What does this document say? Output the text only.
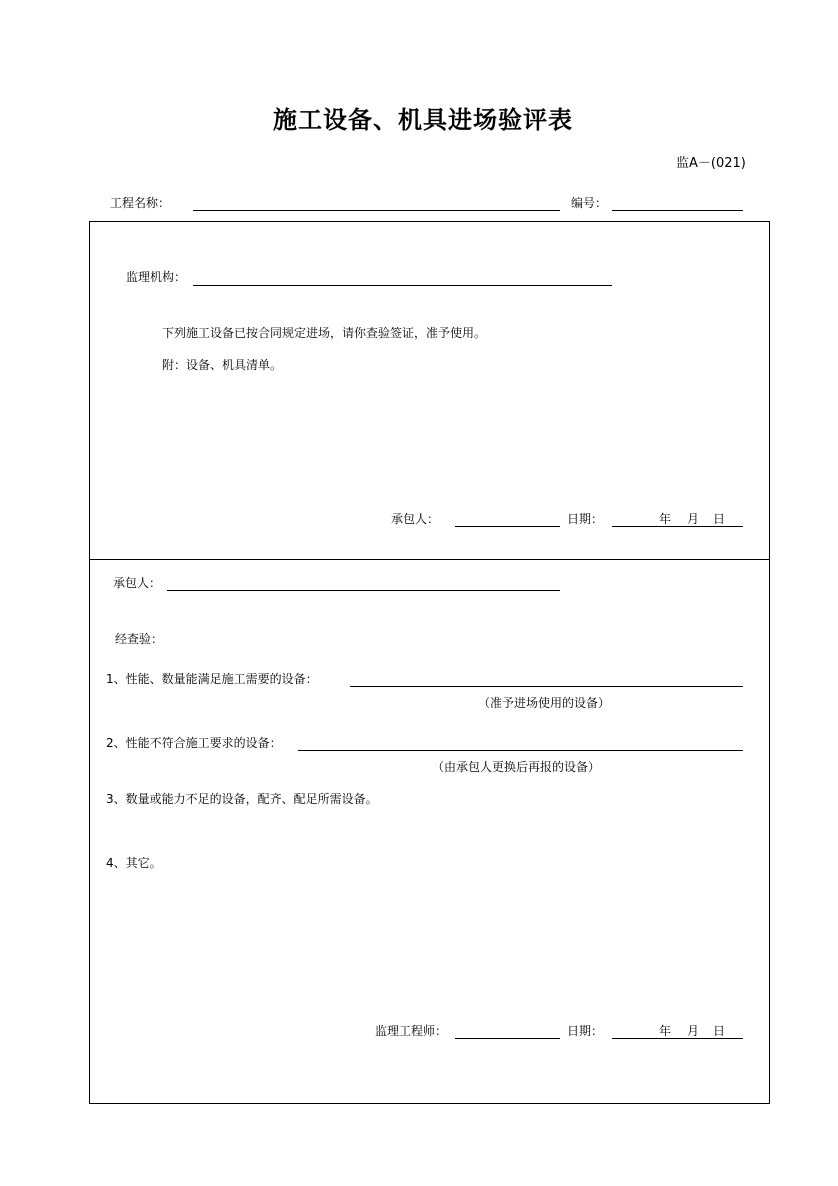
施工设备、机具进场验评表
监A－(021)
工程名称：	编号：
监理机构：
下列施工设备已按合同规定进场，请你查验签证，准予使用。
附：设备、机具清单。
承包人：	日期：	年 月 日
承包人：
经查验：
1、性能、数量能满足施工需要的设备：
（准予进场使用的设备）
2、性能不符合施工要求的设备：
（由承包人更换后再报的设备）
3、数量或能力不足的设备，配齐、配足所需设备。
4、其它。
监理工程师：	日期：	年 月 日
